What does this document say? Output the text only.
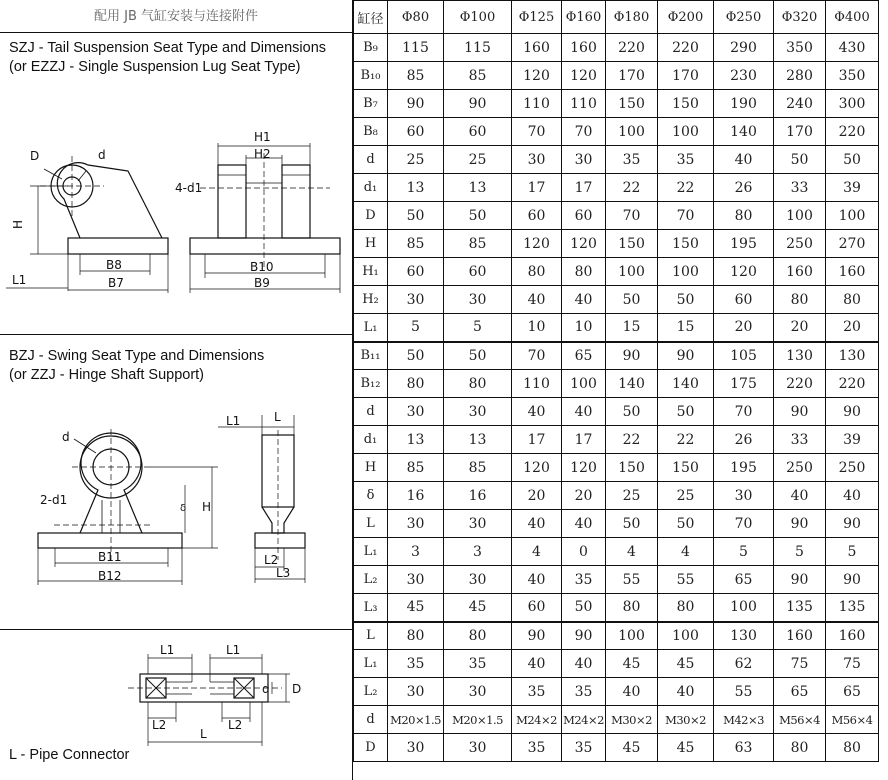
配用 JB 气缸安装与连接附件
SZJ - Tail Suspension Seat Type and Dimensions
(or EZZJ - Single Suspension Lug Seat Type)
D	d
H
L1
B8
B7
H1
H2
4-d1
B10
B9
BZJ - Swing Seat Type and Dimensions
(or ZZJ - Hinge Shaft Support)
d
2-d1
δ H
B11
B12
L1	L
L2
L3
L1	L1
L2	L2
L
d D
L - Pipe Connector
缸径	Φ80	Φ100	Φ125	Φ160	Φ180	Φ200	Φ250	Φ320	Φ400
B₉	115	115	160	160	220	220	290	350	430
B₁₀	85	85	120	120	170	170	230	280	350
B₇	90	90	110	110	150	150	190	240	300
B₈	60	60	70	70	100	100	140	170	220
d	25	25	30	30	35	35	40	50	50
d₁	13	13	17	17	22	22	26	33	39
D	50	50	60	60	70	70	80	100	100
H	85	85	120	120	150	150	195	250	270
H₁	60	60	80	80	100	100	120	160	160
H₂	30	30	40	40	50	50	60	80	80
L₁	5	5	10	10	15	15	20	20	20
B₁₁	50	50	70	65	90	90	105	130	130
B₁₂	80	80	110	100	140	140	175	220	220
d	30	30	40	40	50	50	70	90	90
d₁	13	13	17	17	22	22	26	33	39
H	85	85	120	120	150	150	195	250	250
δ	16	16	20	20	25	25	30	40	40
L	30	30	40	40	50	50	70	90	90
L₁	3	3	4	0	4	4	5	5	5
L₂	30	30	40	35	55	55	65	90	90
L₃	45	45	60	50	80	80	100	135	135
L	80	80	90	90	100	100	130	160	160
L₁	35	35	40	40	45	45	62	75	75
L₂	30	30	35	35	40	40	55	65	65
d	M20×1.5	M20×1.5	M24×2	M24×2	M30×2	M30×2	M42×3	M56×4	M56×4
D	30	30	35	35	45	45	63	80	80
